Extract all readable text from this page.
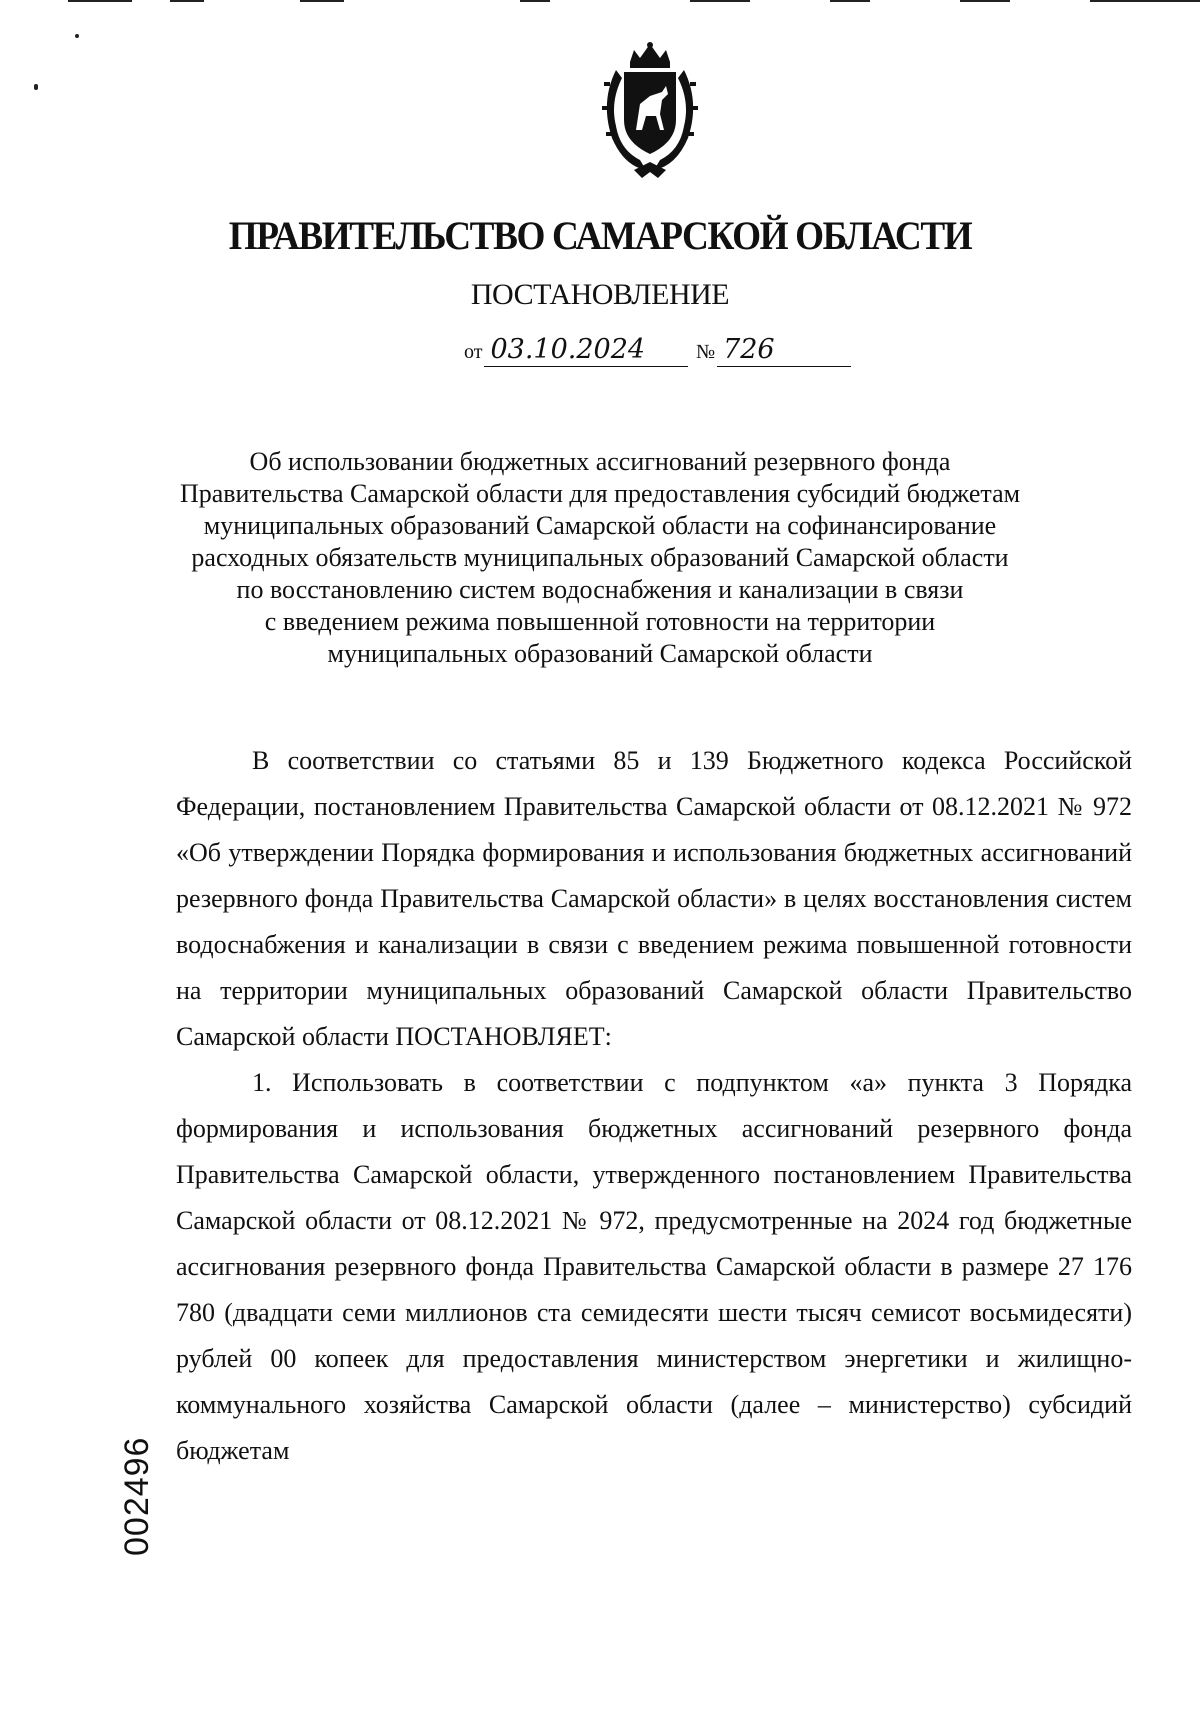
ПРАВИТЕЛЬСТВО САМАРСКОЙ ОБЛАСТИ
ПОСТАНОВЛЕНИЕ
от 03.10.2024	№ 726
Об использовании бюджетных ассигнований резервного фонда
Правительства Самарской области для предоставления субсидий бюджетам
муниципальных образований Самарской области на софинансирование
расходных обязательств муниципальных образований Самарской области
по восстановлению систем водоснабжения и канализации в связи
с введением режима повышенной готовности на территории
муниципальных образований Самарской области

В соответствии со статьями 85 и 139 Бюджетного кодекса Российской Федерации, постановлением Правительства Самарской области от 08.12.2021 № 972 «Об утверждении Порядка формирования и использования бюджетных ассигнований резервного фонда Правительства Самарской области» в целях восстановления систем водоснабжения и канализации в связи с введением режима повышенной готовности на территории муниципальных образований Самарской области Правительство Самарской области ПОСТАНОВЛЯЕТ:

1. Использовать в соответствии с подпунктом «а» пункта 3 Порядка формирования и использования бюджетных ассигнований резервного фонда Правительства Самарской области, утвержденного постановлением Правительства Самарской области от 08.12.2021 № 972, предусмотренные на 2024 год бюджетные ассигнования резервного фонда Правительства Самарской области в размере 27 176 780 (двадцати семи миллионов ста семидесяти шести тысяч семисот восьмидесяти) рублей 00 копеек для предоставления министерством энергетики и жилищно-коммунального хозяйства Самарской области (далее – министерство) субсидий бюджетам

002496
